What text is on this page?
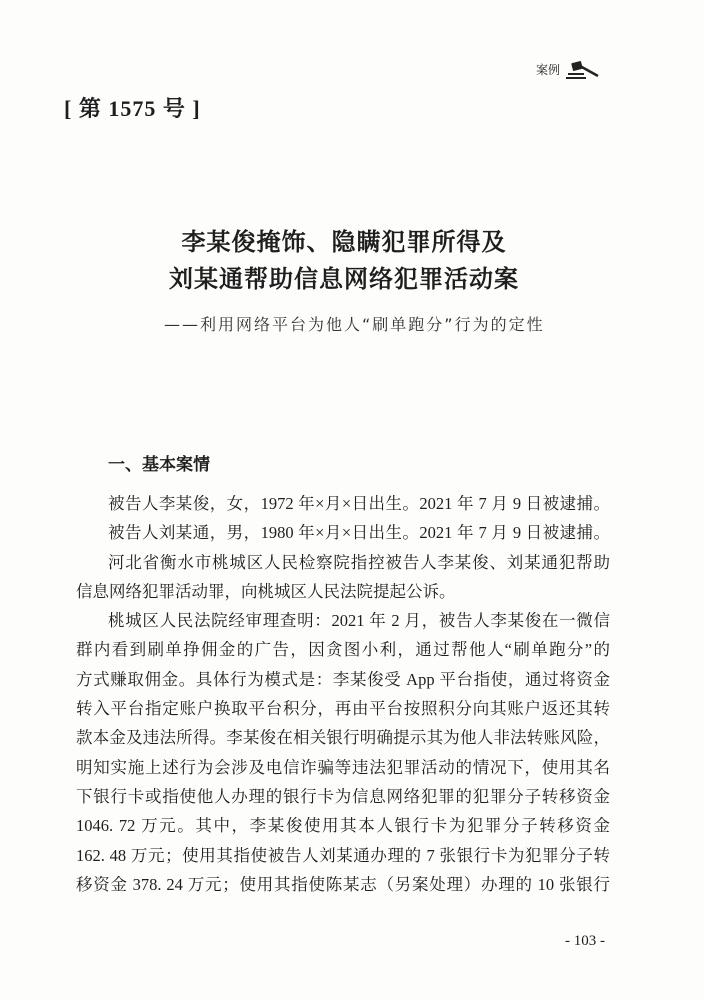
案例
[ 第 1575 号 ]
李某俊掩饰、隐瞒犯罪所得及
刘某通帮助信息网络犯罪活动案
——利用网络平台为他人“刷单跑分”行为的定性
一、基本案情
被告人李某俊，女，1972 年×月×日出生。2021 年 7 月 9 日被逮捕。
被告人刘某通，男，1980 年×月×日出生。2021 年 7 月 9 日被逮捕。
河北省衡水市桃城区人民检察院指控被告人李某俊、刘某通犯帮助
信息网络犯罪活动罪，向桃城区人民法院提起公诉。
桃城区人民法院经审理查明：2021 年 2 月，被告人李某俊在一微信
群内看到刷单挣佣金的广告，因贪图小利，通过帮他人“刷单跑分”的
方式赚取佣金。具体行为模式是：李某俊受 App 平台指使，通过将资金
转入平台指定账户换取平台积分，再由平台按照积分向其账户返还其转
款本金及违法所得。李某俊在相关银行明确提示其为他人非法转账风险，
明知实施上述行为会涉及电信诈骗等违法犯罪活动的情况下，使用其名
下银行卡或指使他人办理的银行卡为信息网络犯罪的犯罪分子转移资金
1046. 72 万元。其中，李某俊使用其本人银行卡为犯罪分子转移资金
162. 48 万元；使用其指使被告人刘某通办理的 7 张银行卡为犯罪分子转
移资金 378. 24 万元；使用其指使陈某志（另案处理）办理的 10 张银行
- 103 -
